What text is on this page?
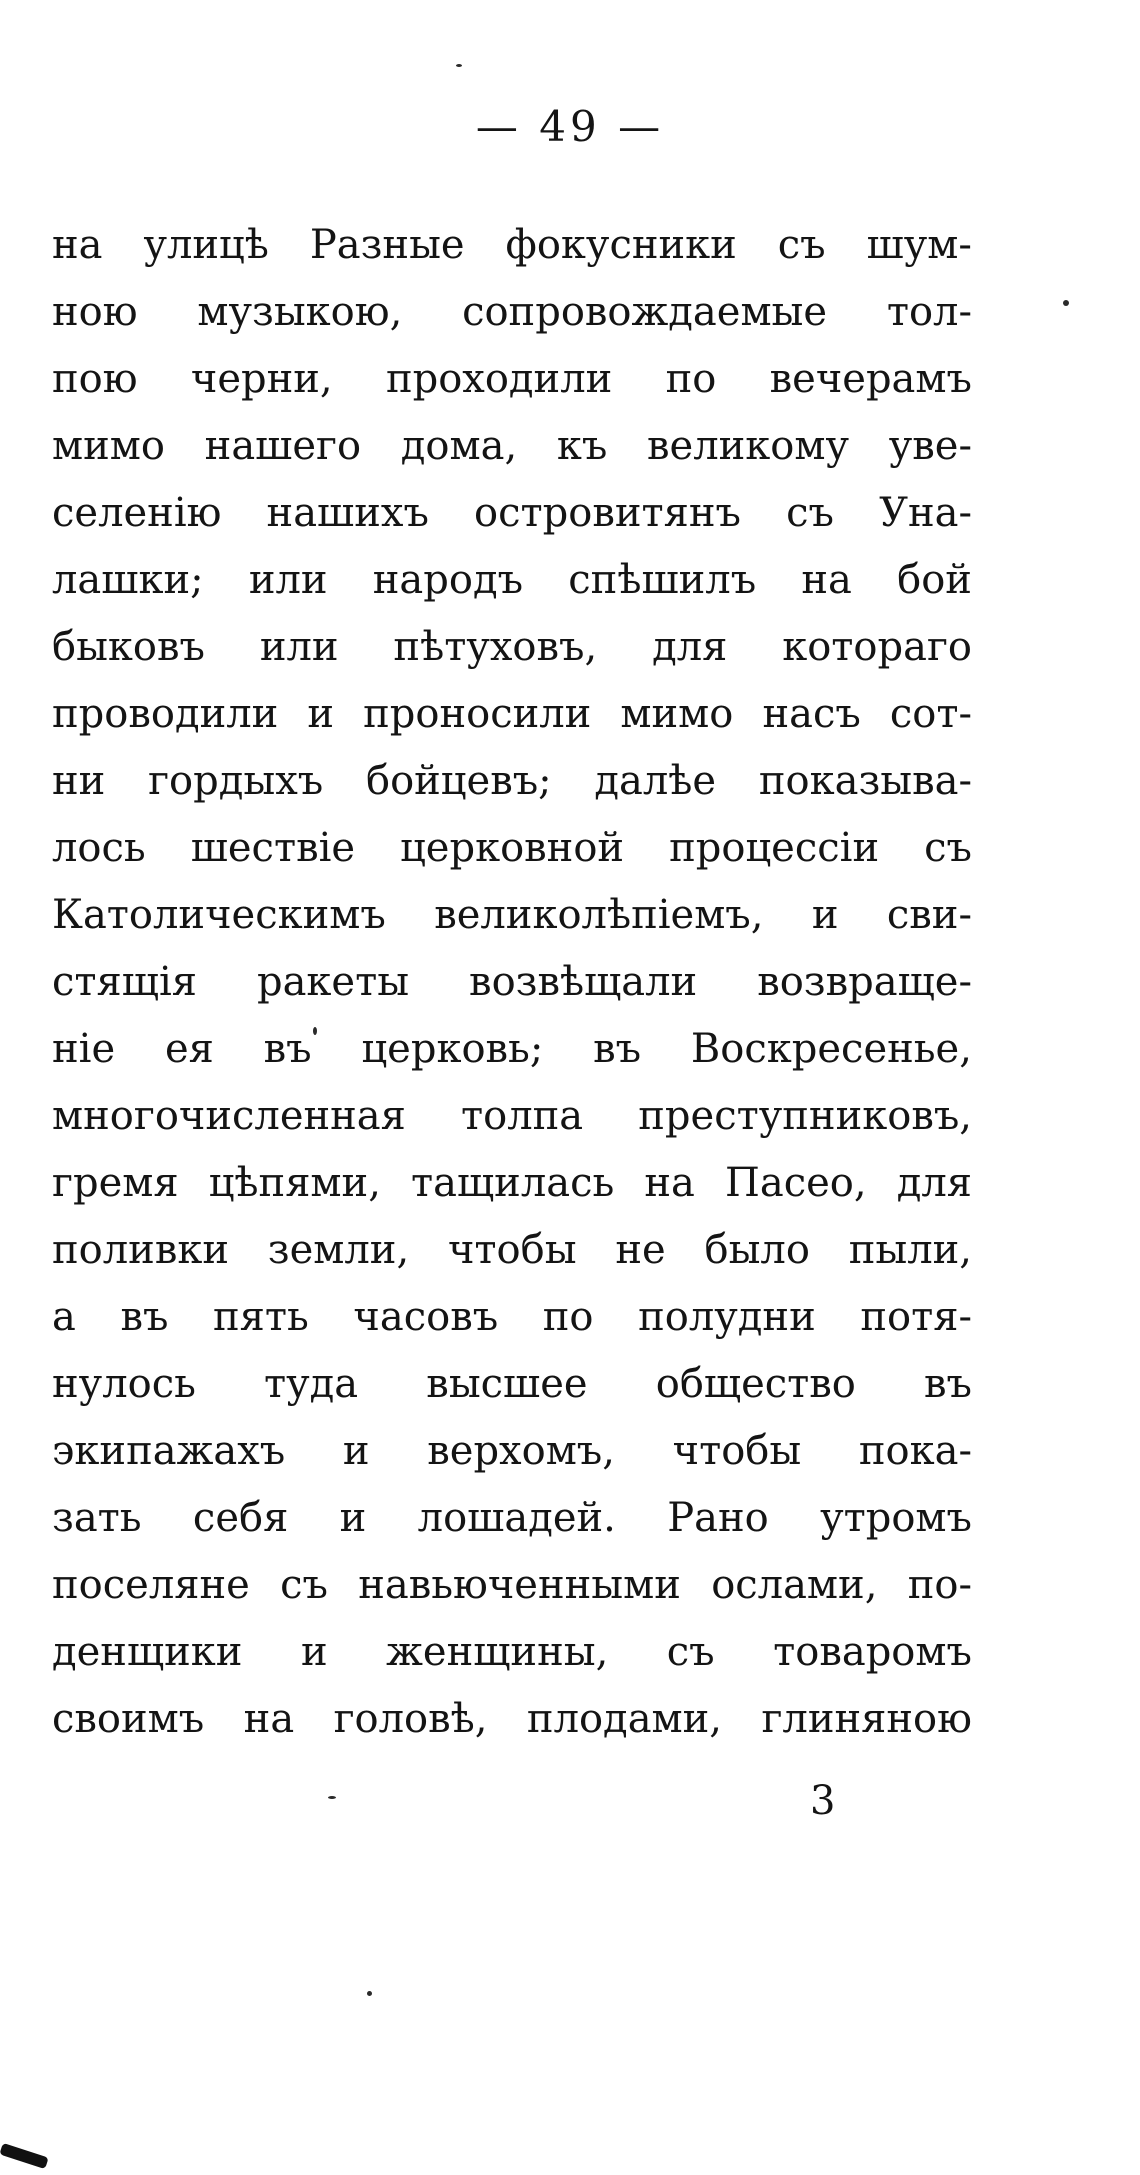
— 49 —
на улицѣ Разные фокусники съ шум-
ною музыкою, сопровождаемые тол-
пою черни, проходили по вечерамъ
мимо нашего дома, къ великому уве-
селенію нашихъ островитянъ съ Уна-
лашки; или народъ спѣшилъ на бой
быковъ или пѣтуховъ, для котораго
проводили и проносили мимо насъ сот-
ни гордыхъ бойцевъ; далѣе показыва-
лось шествіе церковной процессіи съ
Католическимъ великолѣпіемъ, и сви-
стящія ракеты возвѣщали возвраще-
ніе ея въ церковь; въ Воскресенье,
многочисленная толпа преступниковъ,
гремя цѣпями, тащилась на Пасео, для
поливки земли, чтобы не было пыли,
а въ пять часовъ по полудни потя-
нулось туда высшее общество въ
экипажахъ и верхомъ, чтобы пока-
зать себя и лошадей. Рано утромъ
поселяне съ навьюченными ослами, по-
денщики и женщины, съ товаромъ
своимъ на головѣ, плодами, глиняною
3
